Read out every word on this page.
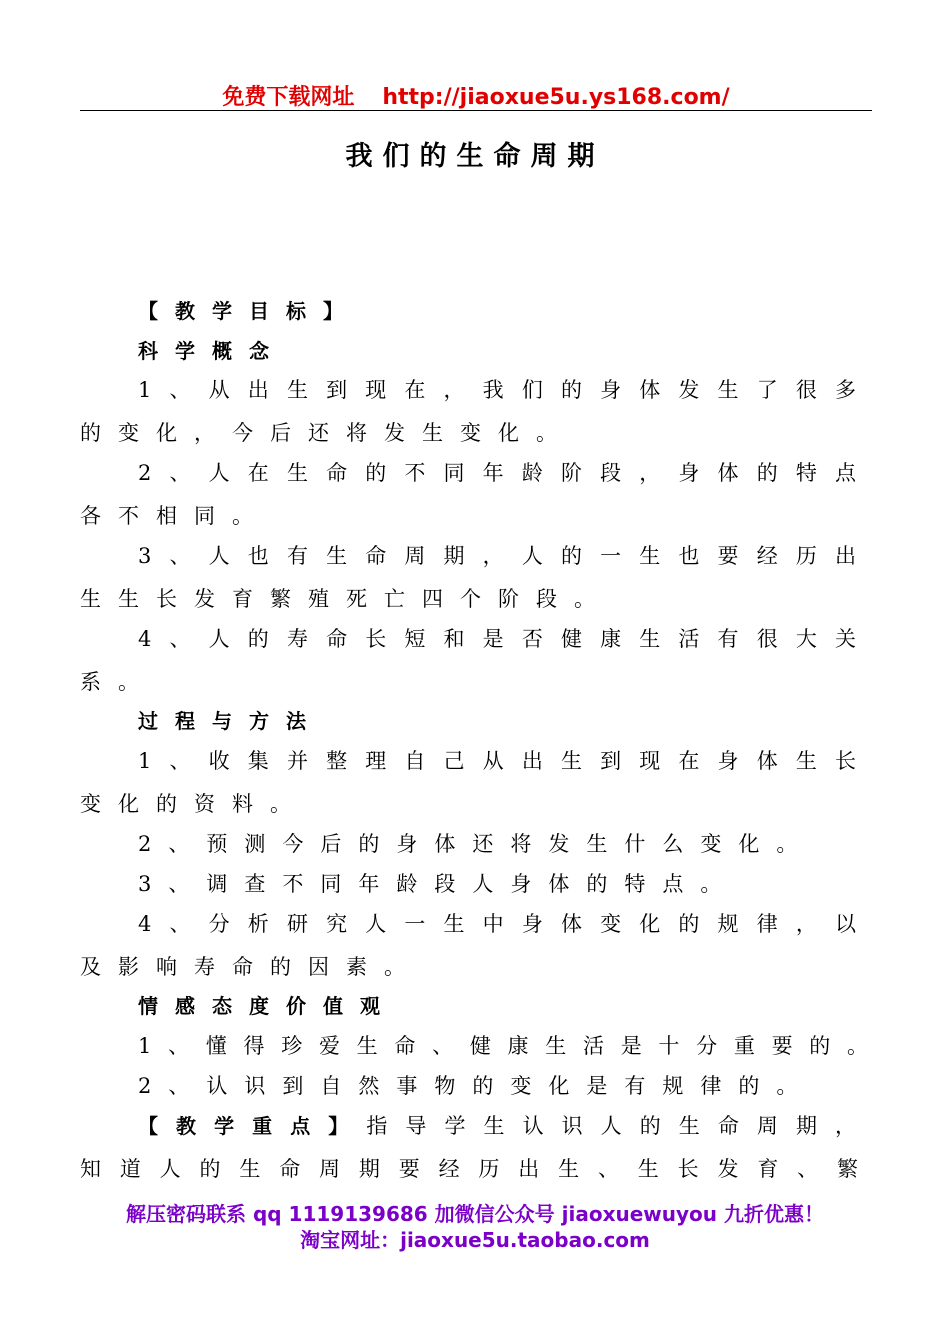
免费下载网址 http://jiaoxue5u.ys168.com/
我们的生命周期
【教学目标】
科学概念
1、从出生到现在，我们的身体发生了很多
的变化，今后还将发生变化。
2、人在生命的不同年龄阶段，身体的特点
各不相同。
3、人也有生命周期，人的一生也要经历出
生生长发育繁殖死亡四个阶段。
4、人的寿命长短和是否健康生活有很大关
系。
过程与方法
1、收集并整理自己从出生到现在身体生长
变化的资料。
2、预测今后的身体还将发生什么变化。
3、调查不同年龄段人身体的特点。
4、分析研究人一生中身体变化的规律，以
及影响寿命的因素。
情感态度价值观
1、懂得珍爱生命、健康生活是十分重要的。
2、认识到自然事物的变化是有规律的。
【教学重点】指导学生认识人的生命周期，
知道人的生命周期要经历出生、生长发育、繁
解压密码联系 qq 1119139686 加微信公众号 jiaoxuewuyou 九折优惠！
淘宝网址：jiaoxue5u.taobao.com
